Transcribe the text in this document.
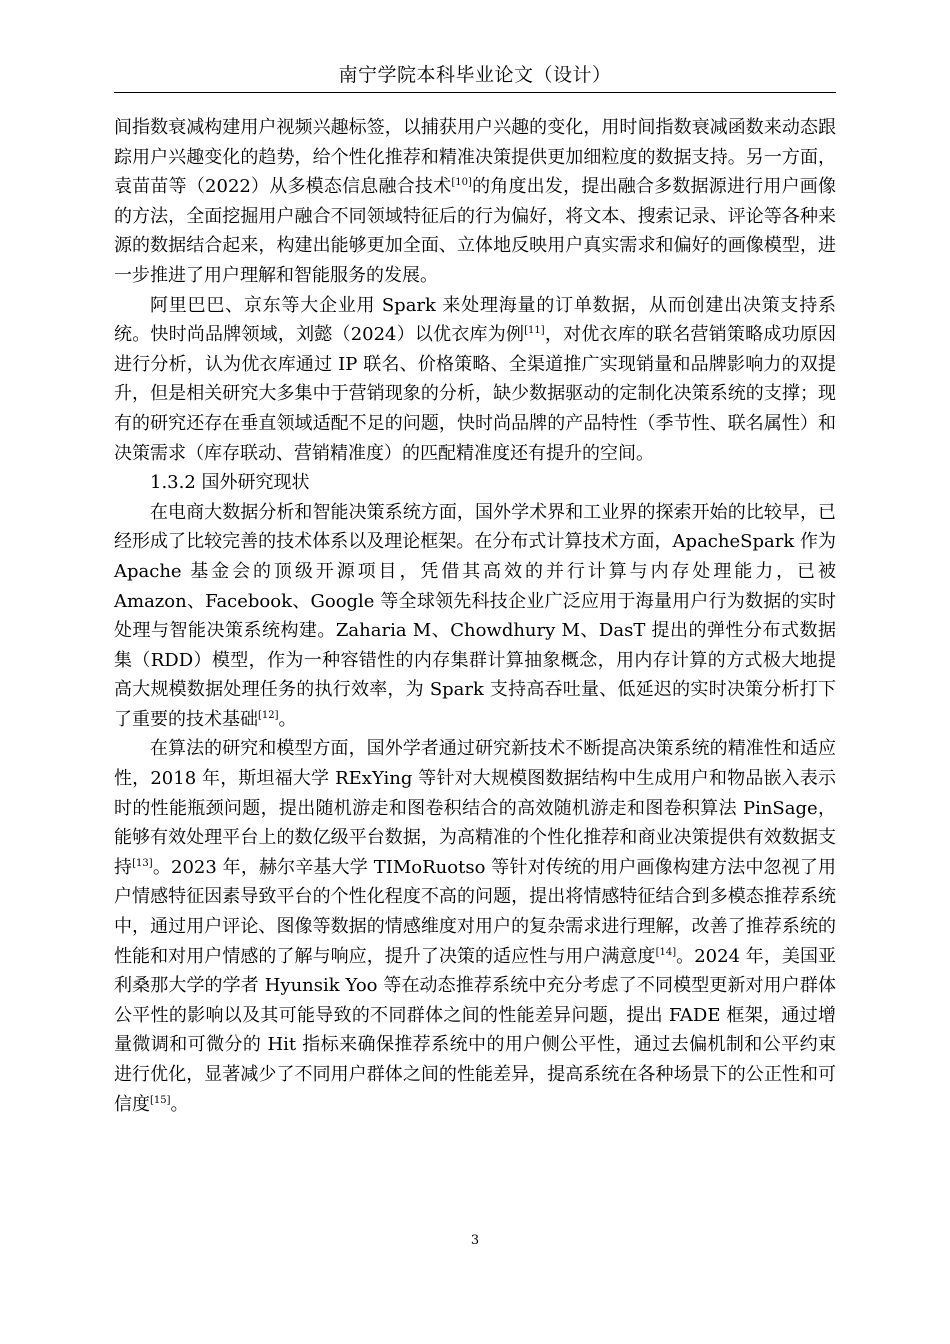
南宁学院本科毕业论文（设计）

间指数衰减构建用户视频兴趣标签，以捕获用户兴趣的变化，用时间指数衰减函数来动态跟踪用户兴趣变化的趋势，给个性化推荐和精准决策提供更加细粒度的数据支持。另一方面，袁苗苗等（2022）从多模态信息融合技术[10]的角度出发，提出融合多数据源进行用户画像的方法，全面挖掘用户融合不同领域特征后的行为偏好，将文本、搜索记录、评论等各种来源的数据结合起来，构建出能够更加全面、立体地反映用户真实需求和偏好的画像模型，进一步推进了用户理解和智能服务的发展。

阿里巴巴、京东等大企业用 Spark 来处理海量的订单数据，从而创建出决策支持系统。快时尚品牌领域，刘懿（2024）以优衣库为例[11]，对优衣库的联名营销策略成功原因进行分析，认为优衣库通过 IP 联名、价格策略、全渠道推广实现销量和品牌影响力的双提升，但是相关研究大多集中于营销现象的分析，缺少数据驱动的定制化决策系统的支撑；现有的研究还存在垂直领域适配不足的问题，快时尚品牌的产品特性（季节性、联名属性）和决策需求（库存联动、营销精准度）的匹配精准度还有提升的空间。

1.3.2 国外研究现状

在电商大数据分析和智能决策系统方面，国外学术界和工业界的探索开始的比较早，已经形成了比较完善的技术体系以及理论框架。在分布式计算技术方面，ApacheSpark 作为 Apache 基金会的顶级开源项目，凭借其高效的并行计算与内存处理能力，已被 Amazon、Facebook、Google 等全球领先科技企业广泛应用于海量用户行为数据的实时处理与智能决策系统构建。Zaharia M、Chowdhury M、DasT 提出的弹性分布式数据集（RDD）模型，作为一种容错性的内存集群计算抽象概念，用内存计算的方式极大地提高大规模数据处理任务的执行效率，为 Spark 支持高吞吐量、低延迟的实时决策分析打下了重要的技术基础[12]。

在算法的研究和模型方面，国外学者通过研究新技术不断提高决策系统的精准性和适应性，2018 年，斯坦福大学 RExYing 等针对大规模图数据结构中生成用户和物品嵌入表示时的性能瓶颈问题，提出随机游走和图卷积结合的高效随机游走和图卷积算法 PinSage，能够有效处理平台上的数亿级平台数据，为高精准的个性化推荐和商业决策提供有效数据支持[13]。2023 年，赫尔辛基大学 TIMoRuotso 等针对传统的用户画像构建方法中忽视了用户情感特征因素导致平台的个性化程度不高的问题，提出将情感特征结合到多模态推荐系统中，通过用户评论、图像等数据的情感维度对用户的复杂需求进行理解，改善了推荐系统的性能和对用户情感的了解与响应，提升了决策的适应性与用户满意度[14]。2024 年，美国亚利桑那大学的学者 Hyunsik Yoo 等在动态推荐系统中充分考虑了不同模型更新对用户群体公平性的影响以及其可能导致的不同群体之间的性能差异问题，提出 FADE 框架，通过增量微调和可微分的 Hit 指标来确保推荐系统中的用户侧公平性，通过去偏机制和公平约束进行优化，显著减少了不同用户群体之间的性能差异，提高系统在各种场景下的公正性和可信度[15]。

3
